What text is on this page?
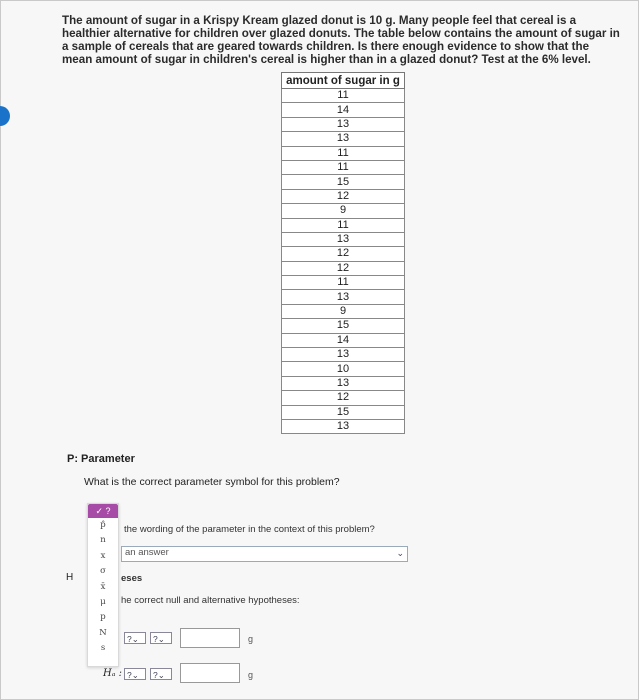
The amount of sugar in a Krispy Kream glazed donut is 10 g. Many people feel that cereal is a healthier alternative for children over glazed donuts. The table below contains the amount of sugar in a sample of cereals that are geared towards children. Is there enough evidence to show that the mean amount of sugar in children's cereal is higher than in a glazed donut? Test at the 6% level.
amount of sugar in g
11
14
13
13
11
11
15
12
9
11
13
12
12
11
13
9
15
14
13
10
13
12
15
13
P: Parameter
What is the correct parameter symbol for this problem?
✓ ?
p̂
n
x
σ
x̄
μ
p
N
s
the wording of the parameter in the context of this problem?
an answer	⌄
H	eses
he correct null and alternative hypotheses:
?⌄	?⌄	g
Hₐ : ?⌄	?⌄	g
